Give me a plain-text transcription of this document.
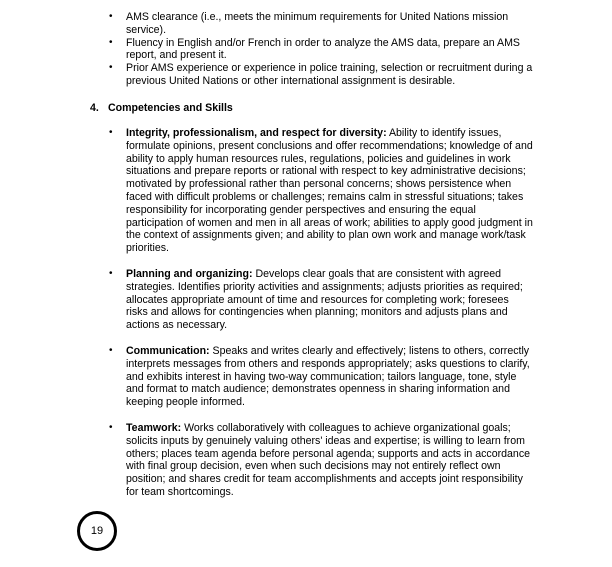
• AMS clearance (i.e., meets the minimum requirements for United Nations mission service).
• Fluency in English and/or French in order to analyze the AMS data, prepare an AMS report, and present it.
• Prior AMS experience or experience in police training, selection or recruitment during a previous United Nations or other international assignment is desirable.
4. Competencies and Skills
• Integrity, professionalism, and respect for diversity: Ability to identify issues, formulate opinions, present conclusions and offer recommendations; knowledge of and ability to apply human resources rules, regulations, policies and guidelines in work situations and prepare reports or rational with respect to key administrative decisions; motivated by professional rather than personal concerns; shows persistence when faced with difficult problems or challenges; remains calm in stressful situations; takes responsibility for incorporating gender perspectives and ensuring the equal participation of women and men in all areas of work; abilities to apply good judgment in the context of assignments given; and ability to plan own work and manage work/task priorities.
• Planning and organizing: Develops clear goals that are consistent with agreed strategies. Identifies priority activities and assignments; adjusts priorities as required; allocates appropriate amount of time and resources for completing work; foresees risks and allows for contingencies when planning; monitors and adjusts plans and actions as necessary.
• Communication: Speaks and writes clearly and effectively; listens to others, correctly interprets messages from others and responds appropriately; asks questions to clarify, and exhibits interest in having two-way communication; tailors language, tone, style and format to match audience; demonstrates openness in sharing information and keeping people informed.
• Teamwork: Works collaboratively with colleagues to achieve organizational goals; solicits inputs by genuinely valuing others' ideas and expertise; is willing to learn from others; places team agenda before personal agenda; supports and acts in accordance with final group decision, even when such decisions may not entirely reflect own position; and shares credit for team accomplishments and accepts joint responsibility for team shortcomings.
19
